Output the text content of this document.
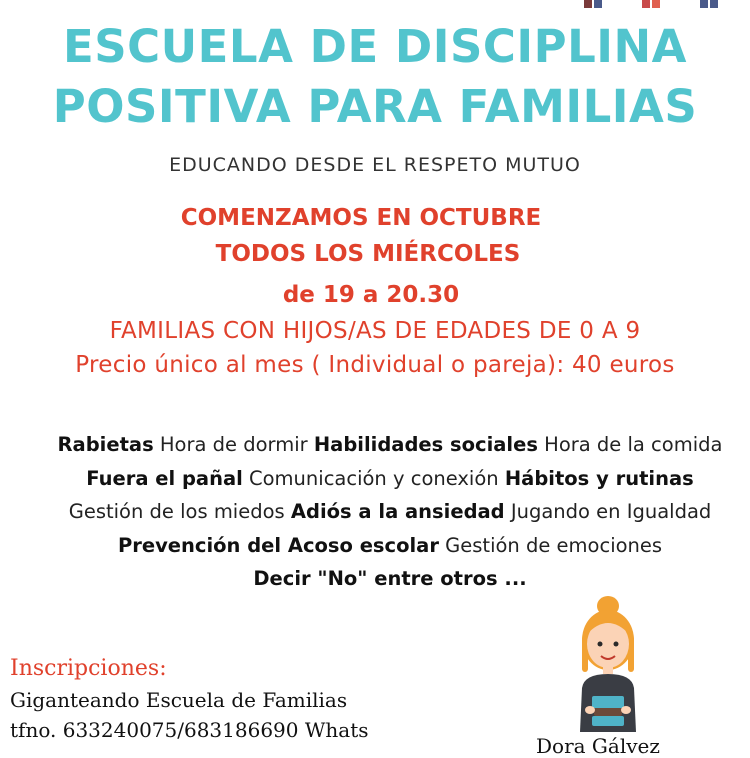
ESCUELA DE DISCIPLINA
POSITIVA PARA FAMILIAS
EDUCANDO DESDE EL RESPETO MUTUO
COMENZAMOS EN OCTUBRE
TODOS LOS MIÉRCOLES
de 19 a 20.30
FAMILIAS CON HIJOS/AS DE EDADES DE 0 A 9
Precio único al mes ( Individual o pareja): 40 euros
Rabietas Hora de dormir Habilidades sociales Hora de la comida Fuera el pañal Comunicación y conexión Hábitos y rutinas Gestión de los miedos Adiós a la ansiedad Jugando en Igualdad Prevención del Acoso escolar Gestión de emociones
Decir "No" entre otros ...
Inscripciones:
Giganteando Escuela de Familias
tfno. 633240075/683186690 Whats
Dora Gálvez
